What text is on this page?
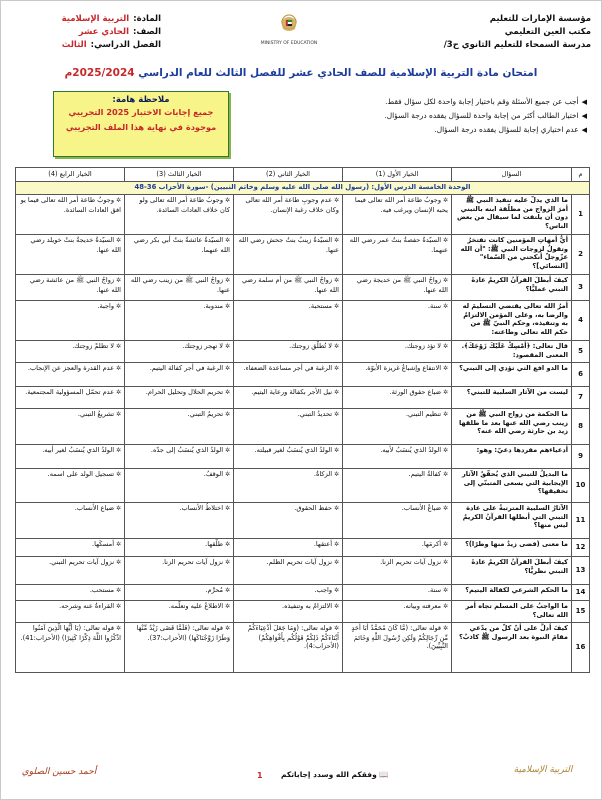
مؤسسة الإمارات للتعليم
مكتب العين التعليمي
مدرسة السمحاء للتعليم الثانوي ح3/
MINISTRY OF EDUCATION
المادة:
التربية الإسلامية
الصف:
الحادي عشر
الفصل الدراسي:
الثالث
امتحان مادة التربية الإسلامية للصف الحادي عشر للفصل الثالث للعام الدراسي 2025/2024م
◀
أجب عن جميع الأسئلة وقم باختيار إجابة واحدة لكل سؤال فقط.
◀
اختيار الطالب أكثر من إجابة واحدة للسؤال يفقده درجة السؤال.
◀
عدم اختياري إجابة للسؤال يفقده درجة السؤال.
ملاحظة هامة:
جميع إجابات الاختبار 2025 التجريبي
موجودة في نهاية هذا الملف التجريبي
م	السؤال	الخيار الأول (1)	الخيار الثاني (2)	الخيار الثالث (3)	الخيار الرابع (4)
الوحدة الخامسة الدرس الأول: (رسول الله صلى الله عليه وسلم وخاتم النبيين) -سورة الأحزاب 36-48					
1	ما الذي يدلّ عليه تنفيذ النبي ﷺ أمرَ الزواج من مطلّقة ابنه بالتبني دون أن يلتفت لما سيقال من بعض الناس؟	✲ وجوبُ طاعة أمر الله تعالى فيما يحبه الإنسان ويرغب فيه.	✲ عدم وجوبِ طاعة أمر الله تعالى وكان خلاف رغبة الإنسان.	✲ وجوبُ طاعة أمر الله تعالى ولو كان خلاف العادات السائدة.	✲ وجوبُ طاعة أمر الله تعالى فيما يو افق العادات السائدة.
2	أيُّ أمهاتِ المؤمنين كانت تفتخرُ وتقولُ لزوجات النبي ﷺ: "أن الله عزّوجلّ أنكحني من السّماء" [النسائي]؟	✲ السيّدةُ حفصةُ بنتُ عمر رضي الله عنهما.	✲ السيّدةُ زينبُ بنتُ جحش رضي الله عنها.	✲ السيّدةُ عائشةُ بنتُ أبي بكر رضي الله عنهما.	✲ السيّدةُ خديجةُ بنتُ خويلد رضي الله عنها.
3	كيفَ أبطلَ القرآنُ الكريمُ عادةَ التبني عمليًّا؟	✲ زواجُ النبي ﷺ من خديجة رضي الله عنها.	✲ زواجُ النبي ﷺ من أم سلمة رضي الله عنها.	✲ زواجُ النبي ﷺ من زينب رضي الله عنها.	✲ زواجُ النبي ﷺ من عائشة رضي الله عنها.
4	أمرُ الله تعالى يقتضي التسليمَ له والرضا به، وعلى المؤمن الالتزامُ به وتنفيذه، وحكم النبيّ ﷺ من حكم الله تعالى وطاعته:	✲ سنة.	✲ مستحبة.	✲ مندوبة.	✲ واجبة.
5	قال تعالى: ﴿أَمْسِكْ عَلَيْكَ زَوْجَكَ﴾. المعنى المقصود:	✲ لا تؤذ زوجتك.	✲ لا تُطلّق زوجتك.	✲ لا تهجر زوجتك.	✲ لا تظلمْ زوجتك.
6	ما الدو افع التي تؤدي إلى التبني؟	✲ الانتفاع وإشباعُ غريزة الأبوّة.	✲ الرغبة في أجر مساعدة الضعفاء.	✲ الرغبة في أجر كفالة اليتيم.	✲ عدم القدرة والعجز عن الإنجاب.
7	ليست من الآثار السلبية للتبني؟	✲ ضياع حقوق الورثة.	✲ نيل الأجر بكفالة ورعاية اليتيم.	✲ تحريم الحلال وتحليل الحرام.	✲ عدم تحمّل المسؤولية المجتمعية.
8	ما الحكمة من زواج النبي ﷺ من زينب رضي الله عنها بعد ما طلقها زيد بن حارثة رضي الله عنه؟	✲ تنظيم التبني.	✲ تحديدُ التبني.	✲ تحريمُ التبني.	✲ تشريعُ التبني.
9	أدعياءهم مفردها دعيّ: وهو:	✲ الولدُ الذي يُنسَبُ لأبيه.	✲ الولدُ الذي يُنسَبُ لغير قبيلته.	✲ الولدُ الذي يُنسَبُ إلى جدّه.	✲ الولدُ الذي يُنسَبُ لغير أبيه.
10	ما البديلُ للتبني الذي يُحقّقُ الآثار الإيجابية التي يسعى المتبنّي إلى تحقيقها؟	✲ كفالةُ اليتيم.	✲ الزكاةُ.	✲ الوقفُ.	✲ تسجيل الولد على اسمه.
11	الآثارُ السلبية المترتبةُ على عادة التبني التي أبطلها القرآنُ الكريمُ ليس منها؟	✲ ضياعُ الأنساب.	✲ حفظ الحقوق.	✲ اختلاطُ الأنساب.	✲ ضياع الأنساب.
12	ما معنى (قضى زيدٌ منها وطرًا)؟	✲ أكرمَها.	✲ أعتقها.	✲ طلّقها.	✲ أمسكَها.
13	كيفَ أبطلَ القرآنُ الكريمُ عادةَ التبني نظريًّا؟	✲ نزول آيات تحريم الزنا.	✲ نزول آيات تحريم الظلم.	✲ نزول آيات تحريم الزنا.	✲ نزول آيات تحريم التبني.
14	ما الحكم الشرعي لكفالة اليتيم؟	✲ سنة.	✲ واجب.	✲ مُحرَّم.	✲ مستحب.
15	ما الواجبُ على المسلم تجاه أمر الله تعالى؟	✲ معرفته وبيانه.	✲ الالتزامُ به وتنفيذه.	✲ الاطلاعُ عليه وتعلّمه.	✲ القراءةُ عنه وشرحه.
16	كيفَ أدلُّ على أنّ كلّ من يدّعي مقامَ النبوة بعد الرسول ﷺ كاذبٌ؟	✲ قوله تعالى: (مَّا كَانَ مُحَمَّدٌ أَبَا أَحَدٍ مِّن رِّجَالِكُمْ وَلَكِن رَّسُولَ اللَّهِ وَخَاتَمَ النَّبِيِّينَ).	✲ قوله تعالى: (وَمَا جَعَلَ أَدْعِيَاءَكُمْ أَبْنَاءَكُمْ ذَلِكُمْ قَوْلُكُم بِأَفْوَاهِكُمْ) (الأحزاب:4).	✲ قوله تعالى: (فَلَمَّا قَضَى زَيْدٌ مِّنْهَا وَطَرًا زَوَّجْنَاكَهَا) (الأحزاب:37).	✲ قوله تعالى: (يَا أَيُّهَا الَّذِينَ آمَنُوا اذْكُرُوا اللَّهَ ذِكْرًا كَثِيرًا) (الأحزاب:41).
التربية الإسلامية
1	📖 وفقكم الله وسدد إجاباتكم
أحمد حسين الصلوي
